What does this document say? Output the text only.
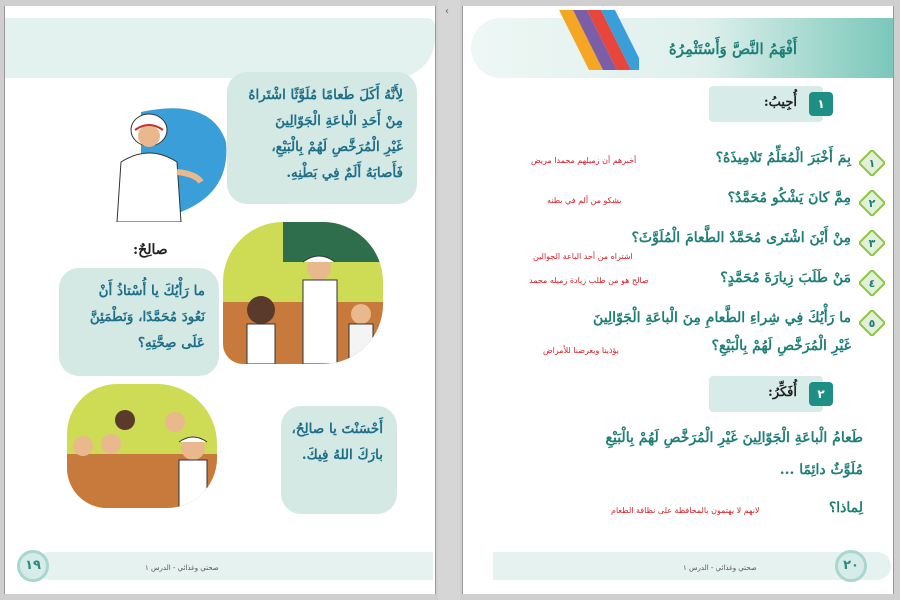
لِأَنَّهُ أَكَلَ طَعامًا مُلَوَّثًا اشْتَراهُ

مِنْ أَحَدِ الْباعَةِ الْجَوّالِينَ

غَيْرِ الْمُرَخَّصِ لَهُمْ بِالْبَيْعِ،

فَأَصابَهُ أَلَمٌ فِي بَطْنِهِ.

صالِحٌ:

ما رَأْيُكَ يا أُسْتاذُ أَنْ

نَعُودَ مُحَمَّدًا، وَنَطْمَئِنَّ

عَلَى صِحَّتِهِ؟

أَحْسَنْتَ يا صالِحُ،

بارَكَ اللهُ فِيكَ.

١٩	صحتي وغذائي - الدرس ١
‹
أَفْهَمُ النَّصَّ وَأَسْتَثْمِرُهُ
١
أُجِيبُ:
١
بِمَ أَخْبَرَ الْمُعَلِّمُ تَلامِيذَهُ؟
أخبرهم أن زميلهم محمدا مريض
٢
مِمَّ كانَ يَشْكُو مُحَمَّدٌ؟
يشكو من ألم في بطنه
٣
مِنْ أَيْنَ اشْتَرى مُحَمَّدٌ الطَّعامَ الْمُلَوَّثَ؟
اشتراه من أحد الباعة الجوالين
٤
مَنْ طَلَبَ زِيارَةَ مُحَمَّدٍ؟
صالح هو من طلب زيادة زميله محمد
٥
ما رَأْيُكَ فِي شِراءِ الطَّعامِ مِنَ الْباعَةِ الْجَوّالِينَ
غَيْرِ الْمُرَخَّصِ لَهُمْ بِالْبَيْعِ؟
يؤذينا ويعرضنا للأمراض
٢
أُفَكِّرُ:
طَعامُ الْباعَةِ الْجَوّالِينَ غَيْرِ الْمُرَخَّصِ لَهُمْ بِالْبَيْعِ
مُلَوَّثٌ دائِمًا ...
لِماذا؟
لانهم لا يهتمون بالمحافظة على نظافة الطعام
٢٠
صحتي وغذائي - الدرس ١
